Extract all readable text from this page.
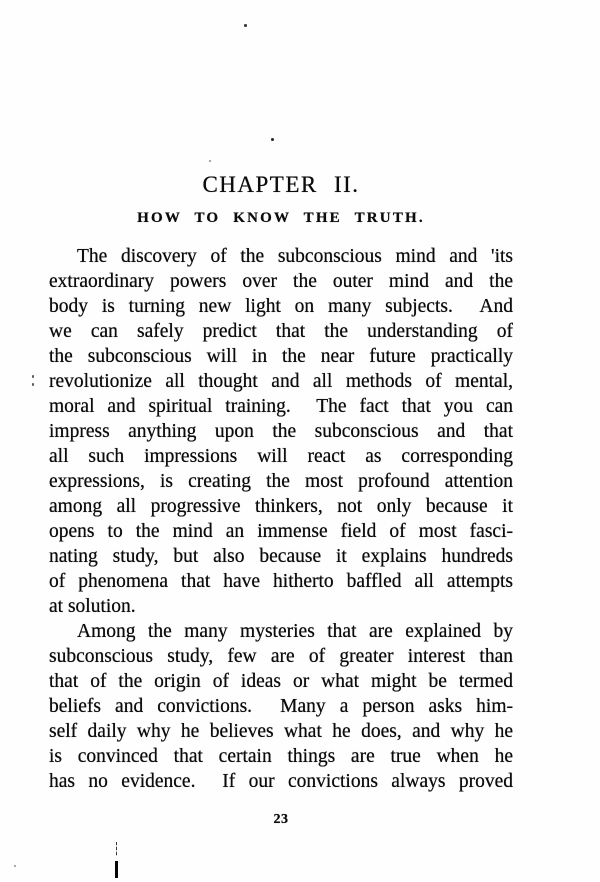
CHAPTER II.
HOW TO KNOW THE TRUTH.
The discovery of the subconscious mind and 'its
extraordinary powers over the outer mind and the
body is turning new light on many subjects.  And
we can safely predict that the understanding of
the subconscious will in the near future practically
revolutionize all thought and all methods of mental,
moral and spiritual training.  The fact that you can
impress anything upon the subconscious and that
all such impressions will react as corresponding
expressions, is creating the most profound attention
among all progressive thinkers, not only because it
opens to the mind an immense field of most fasci-
nating study, but also because it explains hundreds
of phenomena that have hitherto baffled all attempts
at solution.
Among the many mysteries that are explained by
subconscious study, few are of greater interest than
that of the origin of ideas or what might be termed
beliefs and convictions.  Many a person asks him-
self daily why he believes what he does, and why he
is convinced that certain things are true when he
has no evidence.  If our convictions always proved
23
